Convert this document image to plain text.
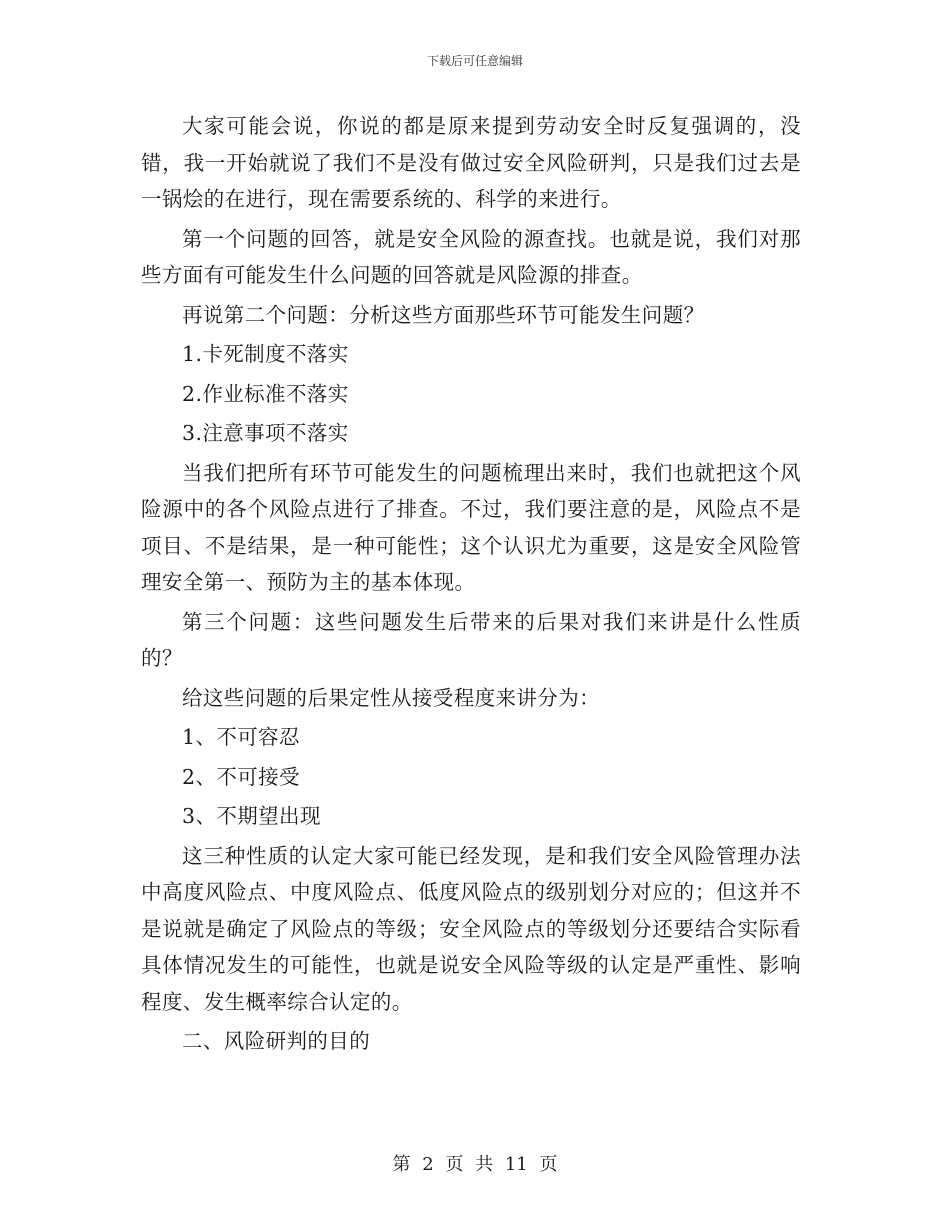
下载后可任意编辑

大家可能会说，你说的都是原来提到劳动安全时反复强调的，没错，我一开始就说了我们不是没有做过安全风险研判，只是我们过去是一锅烩的在进行，现在需要系统的、科学的来进行。

第一个问题的回答，就是安全风险的源查找。也就是说，我们对那些方面有可能发生什么问题的回答就是风险源的排查。

再说第二个问题：分析这些方面那些环节可能发生问题？

1.卡死制度不落实

2.作业标准不落实

3.注意事项不落实

当我们把所有环节可能发生的问题梳理出来时，我们也就把这个风险源中的各个风险点进行了排查。不过，我们要注意的是，风险点不是项目、不是结果，是一种可能性；这个认识尤为重要，这是安全风险管理安全第一、预防为主的基本体现。

第三个问题：这些问题发生后带来的后果对我们来讲是什么性质的？

给这些问题的后果定性从接受程度来讲分为：

1、不可容忍

2、不可接受

3、不期望出现

这三种性质的认定大家可能已经发现，是和我们安全风险管理办法中高度风险点、中度风险点、低度风险点的级别划分对应的；但这并不是说就是确定了风险点的等级；安全风险点的等级划分还要结合实际看具体情况发生的可能性，也就是说安全风险等级的认定是严重性、影响程度、发生概率综合认定的。

二、风险研判的目的

第 2 页 共 11 页
